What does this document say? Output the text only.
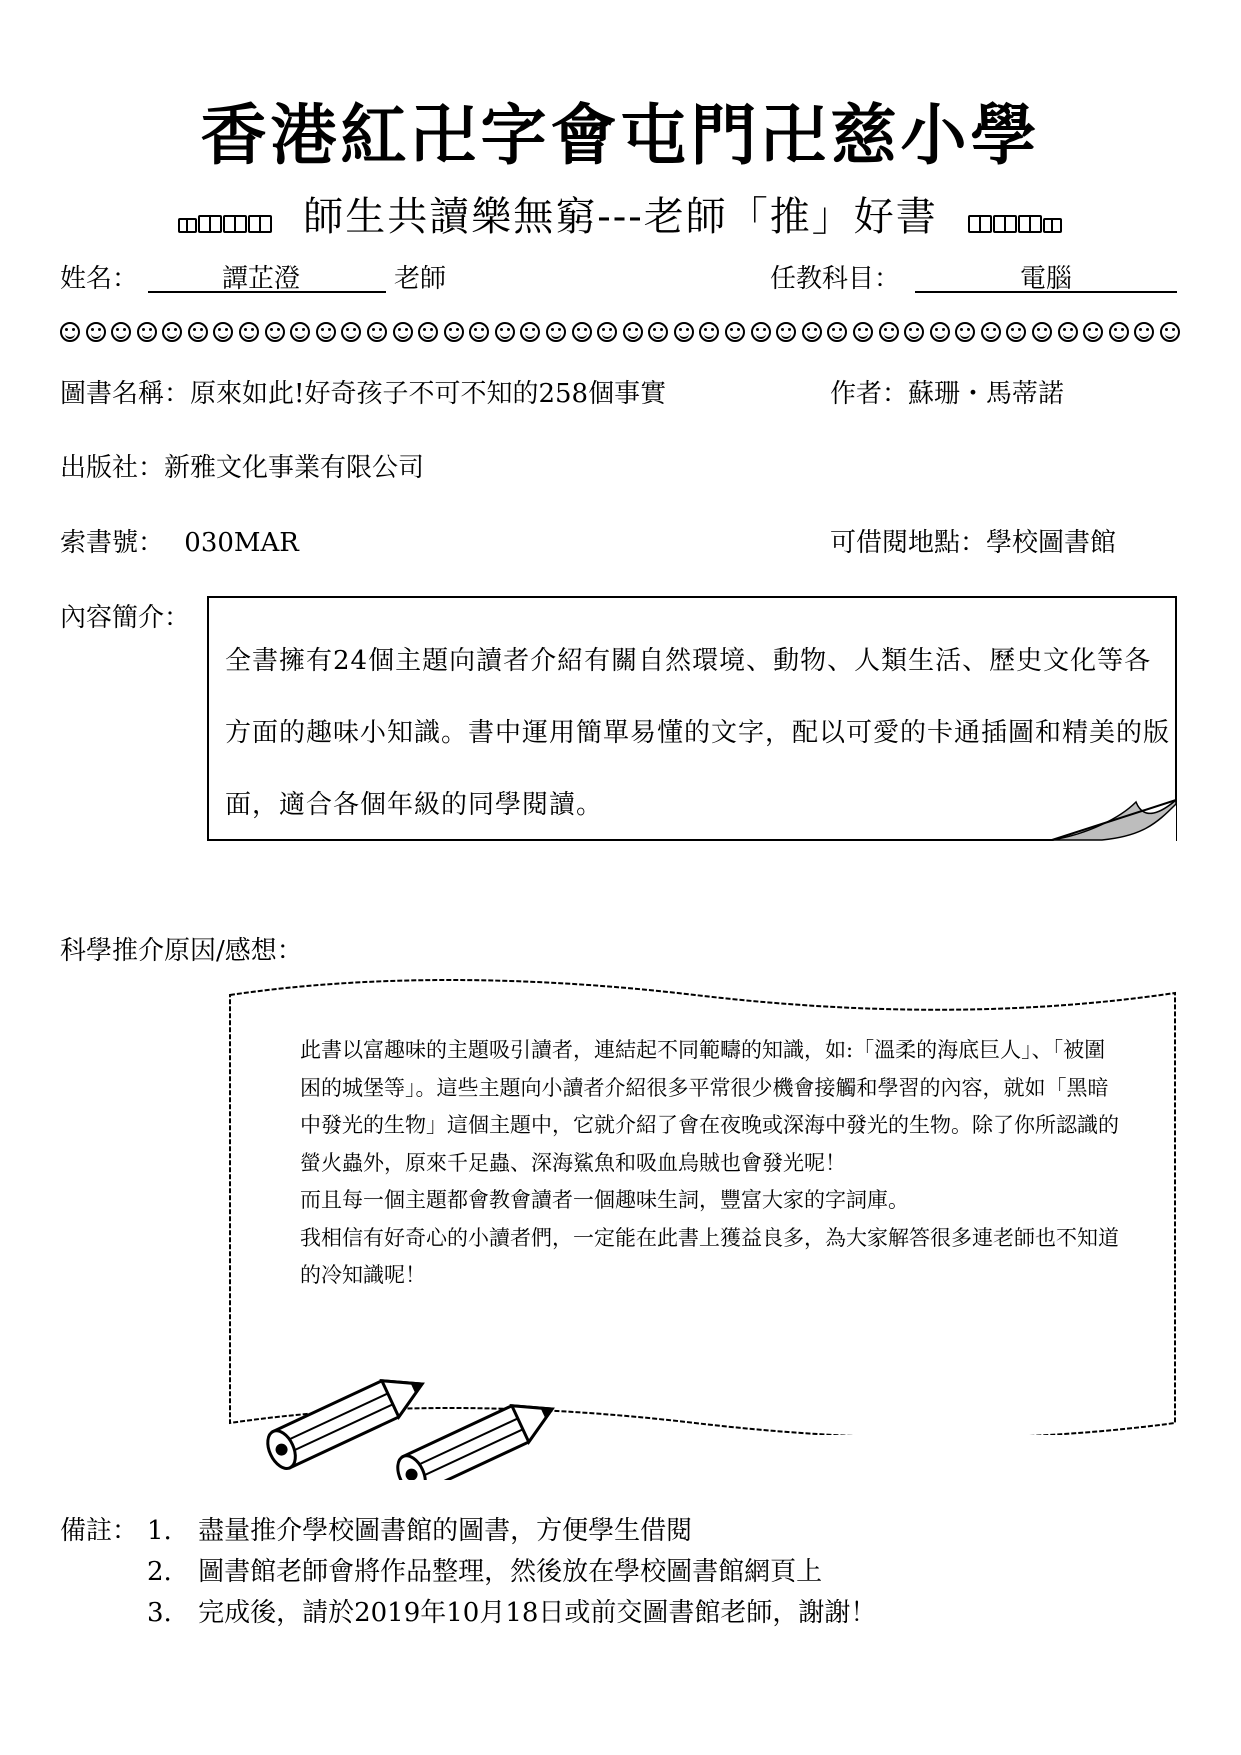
香港紅卍字會屯門卍慈小學
師生共讀樂無窮---老師「推」好書
姓名：	譚芷澄	老師	任教科目：	電腦
圖書名稱：原來如此!好奇孩子不可不知的258個事實	作者：蘇珊・馬蒂諾
出版社：新雅文化事業有限公司
索書號： 030MAR	可借閱地點：學校圖書館
內容簡介：
全書擁有24個主題向讀者介紹有關自然環境、動物、人類生活、歷史文化等各方面的趣味小知識。書中運用簡單易懂的文字，配以可愛的卡通插圖和精美的版面，適合各個年級的同學閱讀。
科學推介原因/感想：

此書以富趣味的主題吸引讀者，連結起不同範疇的知識，如:「溫柔的海底巨人」、「被圍困的城堡等」。這些主題向小讀者介紹很多平常很少機會接觸和學習的內容，就如「黑暗中發光的生物」這個主題中，它就介紹了會在夜晚或深海中發光的生物。除了你所認識的螢火蟲外，原來千足蟲、深海鯊魚和吸血烏賊也會發光呢！

而且每一個主題都會教會讀者一個趣味生詞，豐富大家的字詞庫。

我相信有好奇心的小讀者們，一定能在此書上獲益良多，為大家解答很多連老師也不知道的冷知識呢！

備註： 1. 盡量推介學校圖書館的圖書，方便學生借閱
2. 圖書館老師會將作品整理，然後放在學校圖書館網頁上
3. 完成後，請於2019年10月18日或前交圖書館老師，謝謝！
